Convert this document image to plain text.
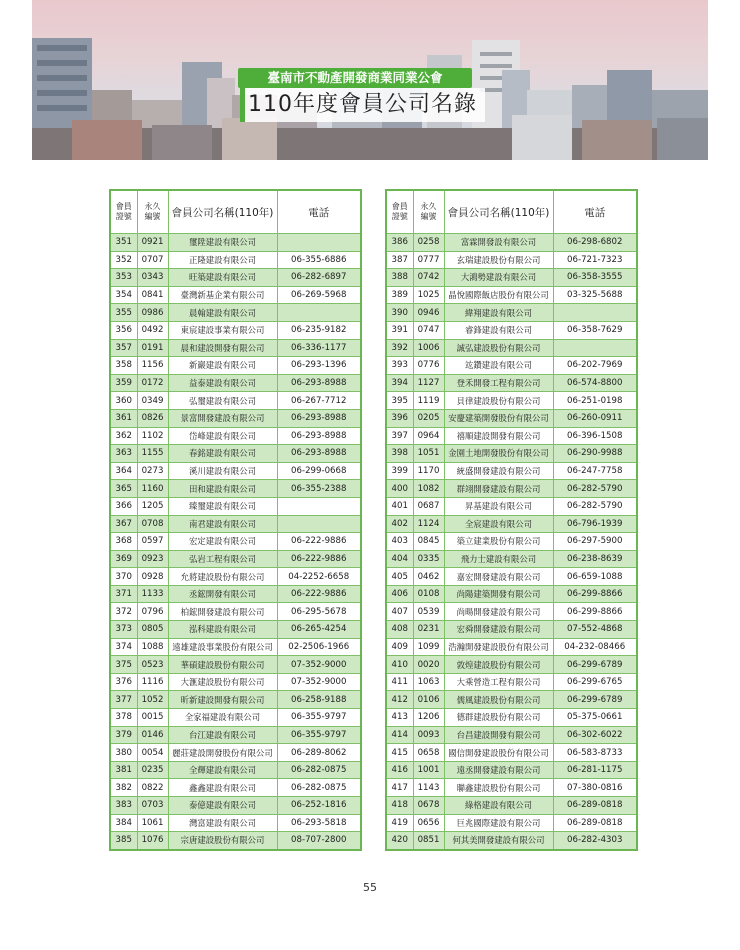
臺南市不動產開發商業同業公會
110年度會員公司名錄
會員
證號	永久
編號	會員公司名稱(110年)	電話
351	0921	璽陞建設有限公司	
352	0707	正隆建設有限公司	06-355-6886
353	0343	旺築建設有限公司	06-282-6897
354	0841	臺灣新基企業有限公司	06-269-5968
355	0986	晨翰建設有限公司	
356	0492	東宸建設事業有限公司	06-235-9182
357	0191	晨和建設開發有限公司	06-336-1177
358	1156	新巖建設有限公司	06-293-1396
359	0172	益泰建設有限公司	06-293-8988
360	0349	弘璽建設有限公司	06-267-7712
361	0826	景富開發建設有限公司	06-293-8988
362	1102	岱峰建設有限公司	06-293-8988
363	1155	春銘建設有限公司	06-293-8988
364	0273	溪川建設有限公司	06-299-0668
365	1160	田和建設有限公司	06-355-2388
366	1205	臻璽建設有限公司	
367	0708	南君建設有限公司	
368	0597	宏定建設有限公司	06-222-9886
369	0923	弘岩工程有限公司	06-222-9886
370	0928	允將建設股份有限公司	04-2252-6658
371	1133	丞鋐開發有限公司	06-222-9886
372	0796	柏鋐開發建設有限公司	06-295-5678
373	0805	泓科建設有限公司	06-265-4254
374	1088	遠雄建設事業股份有限公司	02-2506-1966
375	0523	華碩建設股份有限公司	07-352-9000
376	1116	大滙建設股份有限公司	07-352-9000
377	1052	昕新建設開發有限公司	06-258-9188
378	0015	全家福建設有限公司	06-355-9797
379	0146	台江建設有限公司	06-355-9797
380	0054	麗莊建設開發股份有限公司	06-289-8062
381	0235	全輝建設有限公司	06-282-0875
382	0822	鑫鑫建設有限公司	06-282-0875
383	0703	泰億建設有限公司	06-252-1816
384	1061	灣富建設有限公司	06-293-5818
385	1076	宗唐建設股份有限公司	08-707-2800
會員
證號	永久
編號	會員公司名稱(110年)	電話
386	0258	富霖開發設有限公司	06-298-6802
387	0777	玄瑞建設股份有限公司	06-721-7323
388	0742	大鴻勢建設有限公司	06-358-3555
389	1025	晶悅國際飯店股份有限公司	03-325-5688
390	0946	緯翔建設有限公司	
391	0747	睿鋒建設有限公司	06-358-7629
392	1006	誠弘建設股份有限公司	
393	0776	竑鑽建設有限公司	06-202-7969
394	1127	登禾開發工程有限公司	06-574-8800
395	1119	貝律建設股份有限公司	06-251-0198
396	0205	安慶建築開發股份有限公司	06-260-0911
397	0964	禧順建設開發有限公司	06-396-1508
398	1051	金園土地開發股份有限公司	06-290-9988
399	1170	統盛開發建設有限公司	06-247-7758
400	1082	群翊開發建設有限公司	06-282-5790
401	0687	昇基建設有限公司	06-282-5790
402	1124	全宸建設有限公司	06-796-1939
403	0845	築立建業股份有限公司	06-297-5900
404	0335	飛力士建設有限公司	06-238-8639
405	0462	嘉宏開發建設有限公司	06-659-1088
406	0108	尚陽建築開發有限公司	06-299-8866
407	0539	尚暘開發建設有限公司	06-299-8866
408	0231	宏舜開發建設有限公司	07-552-4868
409	1099	浩瀚開發建設股份有限公司	04-232-08466
410	0020	敦煌建設股份有限公司	06-299-6789
411	1063	大乘營造工程有限公司	06-299-6765
412	0106	儒風建設股份有限公司	06-299-6789
413	1206	德群建設股份有限公司	05-375-0661
414	0093	台昌建設開發有限公司	06-302-6022
415	0658	國信開發建設股份有限公司	06-583-8733
416	1001	遠丞開發建設有限公司	06-281-1175
417	1143	聯鑫建設股份有限公司	07-380-0816
418	0678	綠格建設有限公司	06-289-0818
419	0656	巨兆國際建設有限公司	06-289-0818
420	0851	何其美開發建設有限公司	06-282-4303
55
